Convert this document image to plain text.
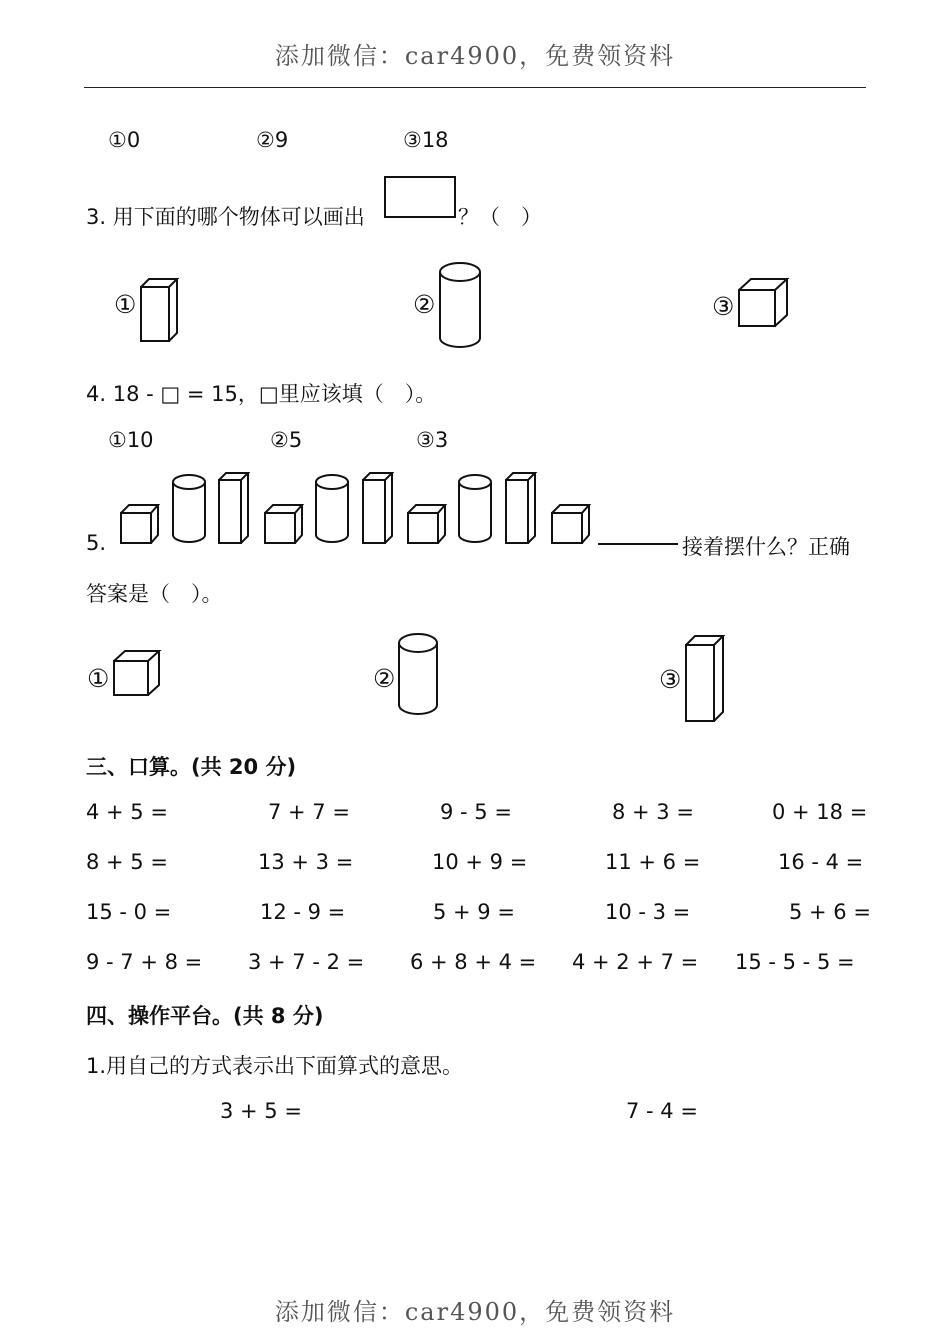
添加微信：car4900，免费领资料
①0	②9	③18
3. 用下面的哪个物体可以画出	？（　）
①	②	③
4. 18 - □ = 15，□里应该填（　）。
①10	②5	③3
5.	接着摆什么？正确
答案是（　）。
①	②	③
三、口算。(共 20 分)
4 + 5 =	7 + 7 =	9 - 5 =	8 + 3 =	0 + 18 =
8 + 5 =	13 + 3 =	10 + 9 =	11 + 6 =	16 - 4 =
15 - 0 =	12 - 9 =	5 + 9 =	10 - 3 =	5 + 6 =
9 - 7 + 8 = 3 + 7 - 2 = 6 + 8 + 4 = 4 + 2 + 7 = 15 - 5 - 5 =
四、操作平台。(共 8 分)
1.用自己的方式表示出下面算式的意思。
3 + 5 =	7 - 4 =
添加微信：car4900，免费领资料
